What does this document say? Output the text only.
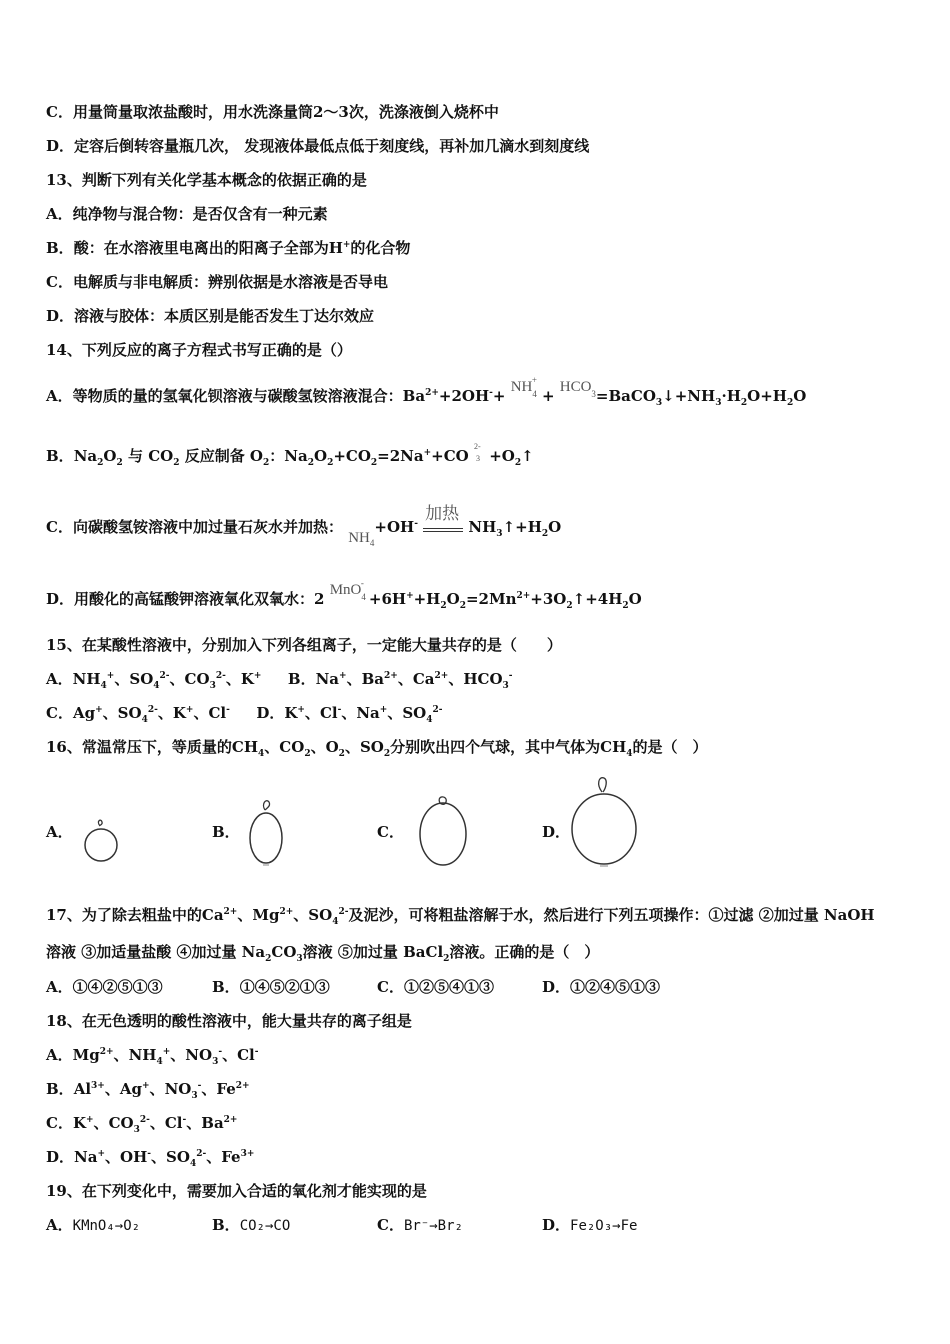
C．用量筒量取浓盐酸时，用水洗涤量筒2～3次，洗涤液倒入烧杯中
D．定容后倒转容量瓶几次， 发现液体最低点低于刻度线，再补加几滴水到刻度线
13、判断下列有关化学基本概念的依据正确的是
A．纯净物与混合物：是否仅含有一种元素
B．酸：在水溶液里电离出的阳离子全部为H+的化合物
C．电解质与非电解质：辨别依据是水溶液是否导电
D．溶液与胶体：本质区别是能否发生丁达尔效应
14、下列反应的离子方程式书写正确的是（）
A．等物质的量的氢氧化钡溶液与碳酸氢铵溶液混合：$Ba^{2+}+2OH^-+ NH_4^++$ $HCO_3=BaCO_3↓+NH_3\cdot H_2O+H_2O$
B．$Na_2O_2$ 与 $CO_2$ 反应制备 $O_2$：$Na_2O_2+CO_2=2Na^++CO$
2-
$3 +O_2↑$
C．向碳酸氢铵溶液中加过量石灰水并加热： $NH_4+OH^-$
加热
$NH_3↑+H_2O$
D．用酸化的高锰酸钾溶液氧化双氧水：2 $MnO_4^-+6H^++H_2O_2=2Mn^{2+}+3O_2↑+4H_2O$
15、在某酸性溶液中，分别加入下列各组离子，一定能大量共存的是（　　）
A．$NH_4^+$、$SO_4^{2-}$、$CO_3^{2-}$、K+ B．Na+、$Ba^{2+}$、$Ca^{2+}$、$HCO_3^-$
C．Ag+、$SO_4^{2-}$、K+、Cl- D．K+、Cl-、Na+、$SO_4^{2-}$
16、常温常压下，等质量的$CH_4$、$CO_2$、$O_2$、$SO_2$分别吹出四个气球，其中气体为$CH_4$的是（　）
A．	B．	C．	D．
17、为了除去粗盐中的$Ca^{2+}$、$Mg^{2+}$、$SO_4^{2-}$及泥沙，可将粗盐溶解于水，然后进行下列五项操作：①过滤 ②加过量 NaOH
溶液 ③加适量盐酸 ④加过量 $Na_2CO_3$溶液 ⑤加过量 BaCl$_2$溶液。正确的是（　）
A．①④②⑤①③	B．①④⑤②①③	C．①②⑤④①③	D．①②④⑤①③
18、在无色透明的酸性溶液中，能大量共存的离子组是
A．$Mg^{2+}$、$NH_4^+$、$NO_3^-$、Cl-
B．$Al^{3+}$、Ag+、$NO_3^-$、$Fe^{2+}$
C．K+、$CO_3^{2-}$、Cl-、$Ba^{2+}$
D．Na+、OH-、$SO_4^{2-}$、$Fe^{3+}$
19、在下列变化中，需要加入合适的氧化剂才能实现的是
A．KMnO₄→O₂	B．CO₂→CO	C．Br⁻→Br₂	D．Fe₂O₃→Fe
